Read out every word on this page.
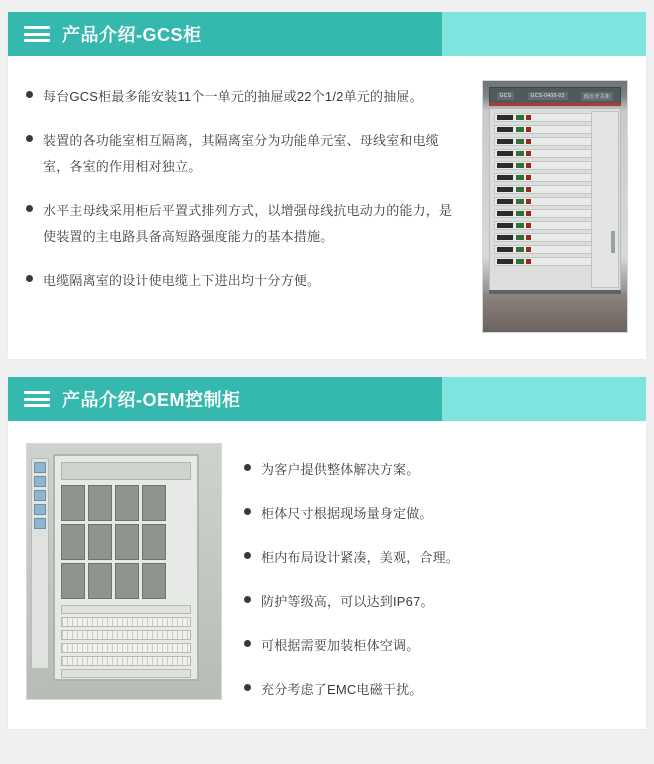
产品介绍-GCS柜
每台GCS柜最多能安装11个一单元的抽屉或22个1/2单元的抽屉。
装置的各功能室相互隔离，其隔离室分为功能单元室、母线室和电缆室，各室的作用相对独立。
水平主母线采用柜后平置式排列方式，以增强母线抗电动力的能力，是使装置的主电路具备高短路强度能力的基本措施。
电缆隔离室的设计使电缆上下进出均十分方便。
GCS	GCS-0400-03	低压开关柜
产品介绍-OEM控制柜
为客户提供整体解决方案。
柜体尺寸根据现场量身定做。
柜内布局设计紧凑，美观，合理。
防护等级高，可以达到IP67。
可根据需要加装柜体空调。
充分考虑了EMC电磁干扰。
